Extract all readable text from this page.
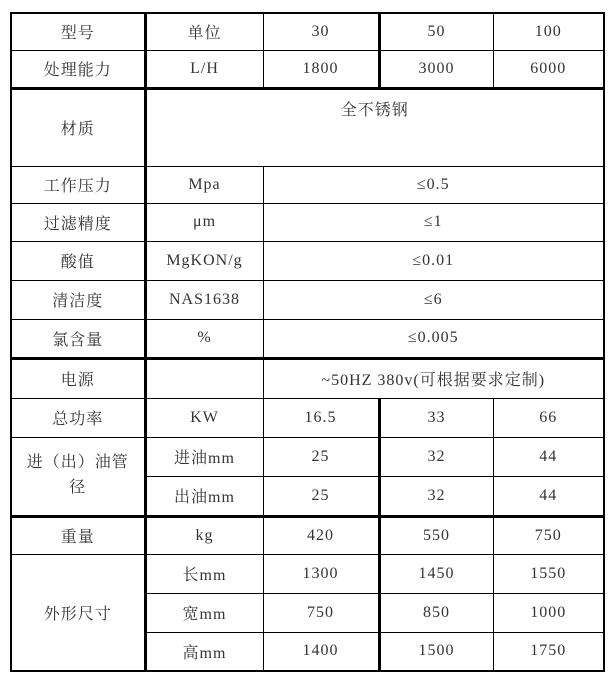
型号	单位	30	50	100
处理能力	L/H	1800	3000	6000
材质	全不锈钢			
工作压力	Mpa	≤0.5		
过滤精度	μm	≤1		
酸值	MgKON/g	≤0.01		
清洁度	NAS1638	≤6		
氯含量	%	≤0.005		
电源		~50HZ 380v(可根据要求定制)		
总功率	KW	16.5	33	66
进（出）油管径	进油mm	25	32	44
	出油mm	25	32	44
重量	kg	420	550	750
外形尺寸	长mm	1300	1450	1550
	宽mm	750	850	1000
	高mm	1400	1500	1750
